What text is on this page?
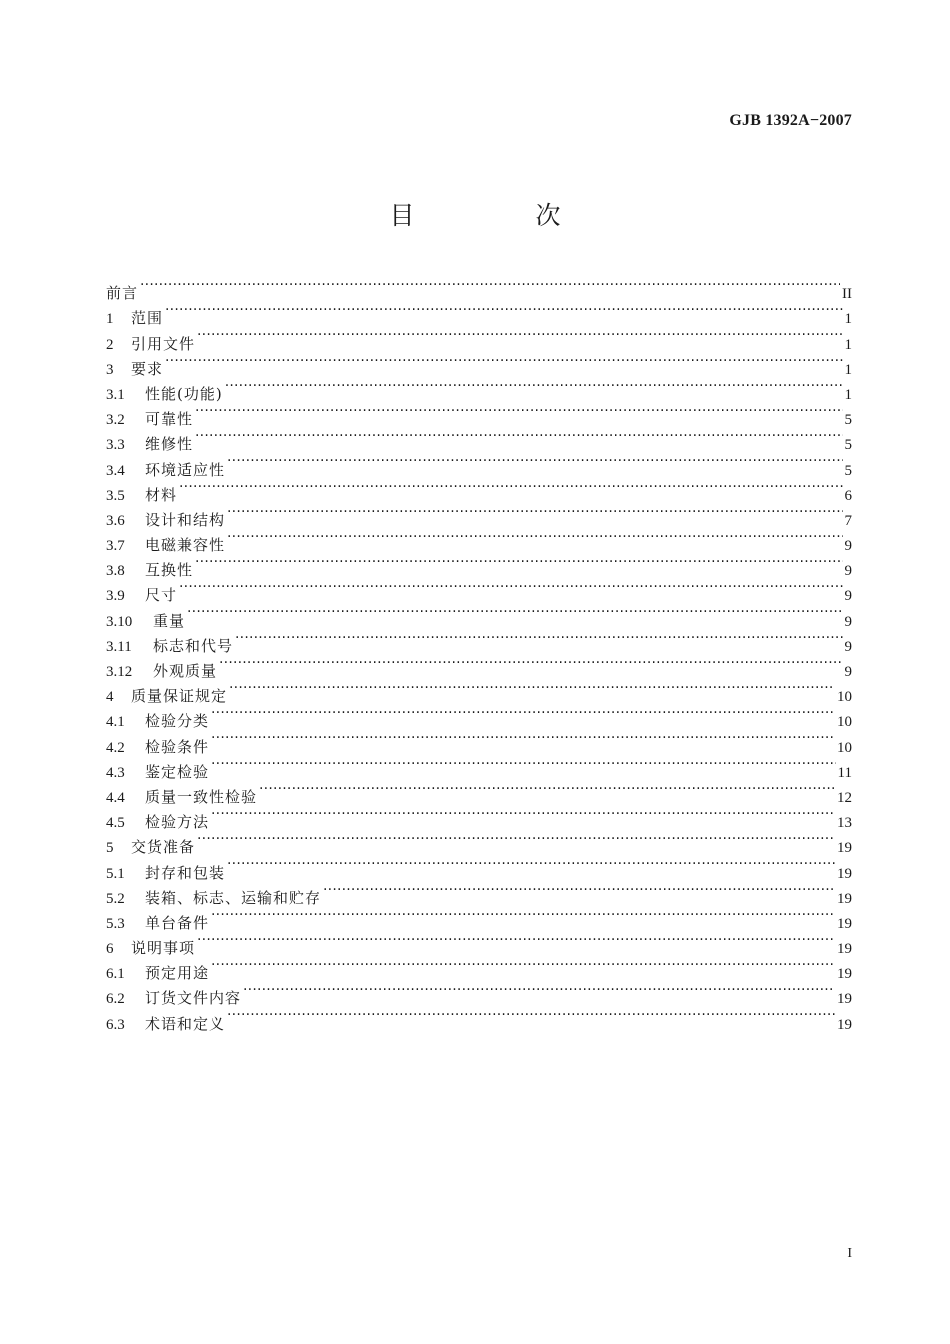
GJB 1392A−2007
目　次
前言 ·····	II
1	范围 ·····	1
2	引用文件 ·····	1
3	要求 ·····	1
3.1	性能(功能) ·····	1
3.2	可靠性 ·····	5
3.3	维修性 ·····	5
3.4	环境适应性 ·····	5
3.5	材料 ·····	6
3.6	设计和结构 ·····	7
3.7	电磁兼容性 ·····	9
3.8	互换性 ·····	9
3.9	尺寸 ·····	9
3.10	重量 ·····	9
3.11	标志和代号 ·····	9
3.12	外观质量 ·····	9
4	质量保证规定 ·····	10
4.1	检验分类 ·····	10
4.2	检验条件 ·····	10
4.3	鉴定检验 ·····	11
4.4	质量一致性检验 ·····	12
4.5	检验方法 ·····	13
5	交货准备 ·····	19
5.1	封存和包装 ·····	19
5.2	装箱、标志、运输和贮存 ·····	19
5.3	单台备件 ·····	19
6	说明事项 ·····	19
6.1	预定用途 ·····	19
6.2	订货文件内容 ·····	19
6.3	术语和定义 ·····	19
I
